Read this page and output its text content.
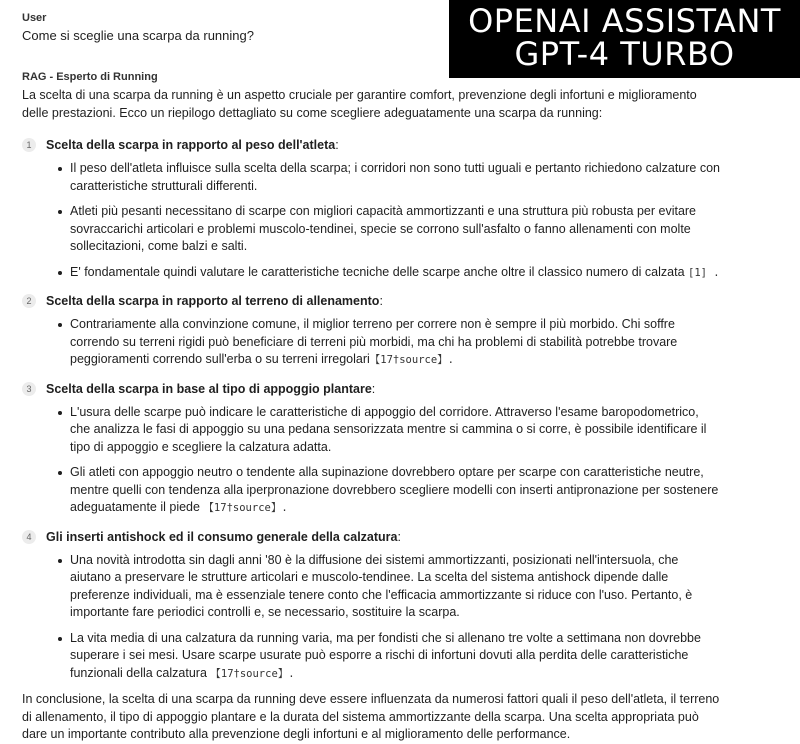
OPENAI ASSISTANT
GPT-4 TURBO
User
Come si sceglie una scarpa da running?
RAG - Esperto di Running

La scelta di una scarpa da running è un aspetto cruciale per garantire comfort, prevenzione degli infortuni e miglioramento delle prestazioni. Ecco un riepilogo dettagliato su come scegliere adeguatamente una scarpa da running:

1	Scelta della scarpa in rapporto al peso dell'atleta:
Il peso dell'atleta influisce sulla scelta della scarpa; i corridori non sono tutti uguali e pertanto richiedono calzature con caratteristiche strutturali differenti.
Atleti più pesanti necessitano di scarpe con migliori capacità ammortizzanti e una struttura più robusta per evitare sovraccarichi articolari e problemi muscolo-tendinei, specie se corrono sull'asfalto o fanno allenamenti con molte sollecitazioni, come balzi e salti.
E' fondamentale quindi valutare le caratteristiche tecniche delle scarpe anche oltre il classico numero di calzata [1] .
2	Scelta della scarpa in rapporto al terreno di allenamento:
Contrariamente alla convinzione comune, il miglior terreno per correre non è sempre il più morbido. Chi soffre correndo su terreni rigidi può beneficiare di terreni più morbidi, ma chi ha problemi di stabilità potrebbe trovare peggioramenti correndo sull'erba o su terreni irregolari【17†source】.
3	Scelta della scarpa in base al tipo di appoggio plantare:
L'usura delle scarpe può indicare le caratteristiche di appoggio del corridore. Attraverso l'esame baropodometrico, che analizza le fasi di appoggio su una pedana sensorizzata mentre si cammina o si corre, è possibile identificare il tipo di appoggio e scegliere la calzatura adatta.
Gli atleti con appoggio neutro o tendente alla supinazione dovrebbero optare per scarpe con caratteristiche neutre, mentre quelli con tendenza alla iperpronazione dovrebbero scegliere modelli con inserti antipronazione per sostenere adeguatamente il piede 【17†source】.
4	Gli inserti antishock ed il consumo generale della calzatura:
Una novità introdotta sin dagli anni '80 è la diffusione dei sistemi ammortizzanti, posizionati nell'intersuola, che aiutano a preservare le strutture articolari e muscolo-tendinee. La scelta del sistema antishock dipende dalle preferenze individuali, ma è essenziale tenere conto che l'efficacia ammortizzante si riduce con l'uso. Pertanto, è importante fare periodici controlli e, se necessario, sostituire la scarpa.
La vita media di una calzatura da running varia, ma per fondisti che si allenano tre volte a settimana non dovrebbe superare i sei mesi. Usare scarpe usurate può esporre a rischi di infortuni dovuti alla perdita delle caratteristiche funzionali della calzatura 【17†source】.

In conclusione, la scelta di una scarpa da running deve essere influenzata da numerosi fattori quali il peso dell'atleta, il terreno di allenamento, il tipo di appoggio plantare e la durata del sistema ammortizzante della scarpa. Una scelta appropriata può dare un importante contributo alla prevenzione degli infortuni e al miglioramento delle performance.
